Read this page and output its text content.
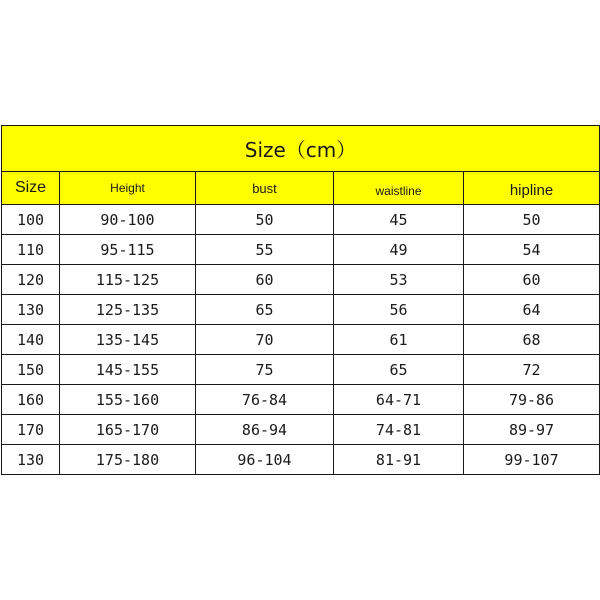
Size（cm）				
Size	Height	bust	waistline	hipline
100	90-100	50	45	50
110	95-115	55	49	54
120	115-125	60	53	60
130	125-135	65	56	64
140	135-145	70	61	68
150	145-155	75	65	72
160	155-160	76-84	64-71	79-86
170	165-170	86-94	74-81	89-97
130	175-180	96-104	81-91	99-107
